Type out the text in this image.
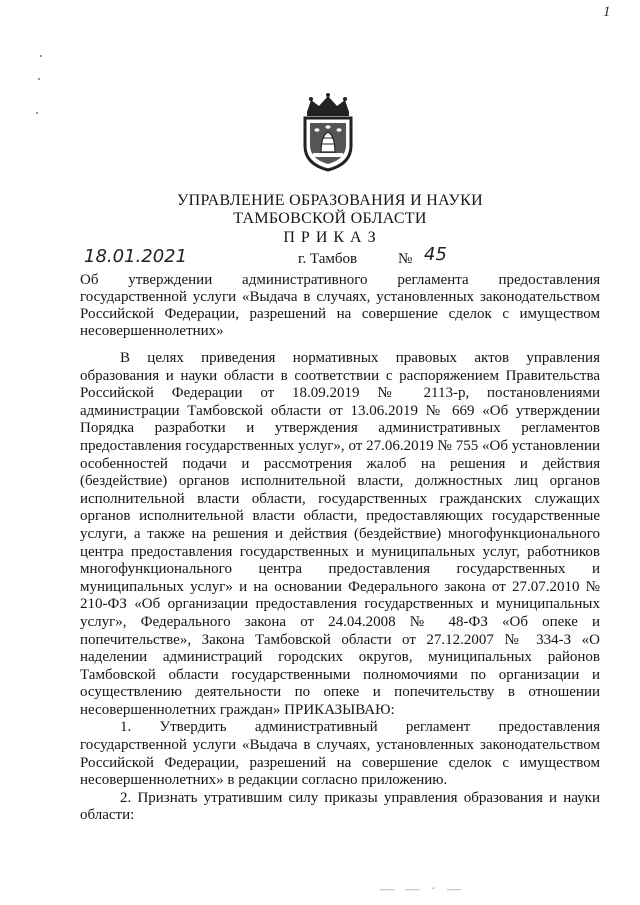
1
УПРАВЛЕНИЕ ОБРАЗОВАНИЯ И НАУКИ
ТАМБОВСКОЙ ОБЛАСТИ
П Р И К А З
18.01.2021	г. Тамбов	№ 45
Об утверждении административного регламента предоставления государственной услуги «Выдача в случаях, установленных законодательством Российской Федерации, разрешений на совершение сделок с имуществом несовершеннолетних»

В целях приведения нормативных правовых актов управления образования и науки области в соответствии с распоряжением Правительства Российской Федерации от 18.09.2019 № 2113-р, постановлениями администрации Тамбовской области от 13.06.2019 № 669 «Об утверждении Порядка разработки и утверждения административных регламентов предоставления государственных услуг», от 27.06.2019 № 755 «Об установлении особенностей подачи и рассмотрения жалоб на решения и действия (бездействие) органов исполнительной власти, должностных лиц органов исполнительной власти области, государственных гражданских служащих органов исполнительной власти области, предоставляющих государственные услуги, а также на решения и действия (бездействие) многофункционального центра предоставления государственных и муниципальных услуг, работников многофункционального центра предоставления государственных и муниципальных услуг» и на основании Федерального закона от 27.07.2010 № 210-ФЗ «Об организации предоставления государственных и муниципальных услуг», Федерального закона от 24.04.2008 № 48-ФЗ «Об опеке и попечительстве», Закона Тамбовской области от 27.12.2007 № 334-З «О наделении администраций городских округов, муниципальных районов Тамбовской области государственными полномочиями по организации и осуществлению деятельности по опеке и попечительству в отношении несовершеннолетних граждан» ПРИКАЗЫВАЮ:

1. Утвердить административный регламент предоставления государственной услуги «Выдача в случаях, установленных законодательством Российской Федерации, разрешений на совершение сделок с имуществом несовершеннолетних» в редакции согласно приложению.

2. Признать утратившим силу приказы управления образования и науки области:

— — · —
